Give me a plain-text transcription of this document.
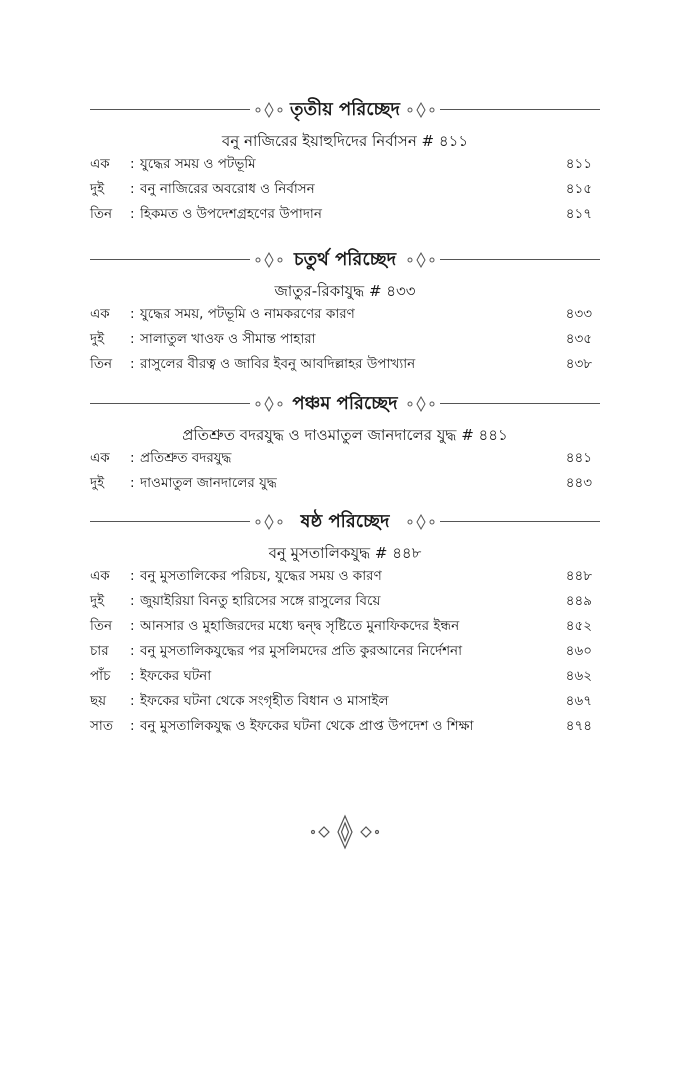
তৃতীয় পরিচ্ছেদ
বনু নাজিরের ইয়াহুদিদের নির্বাসন # ৪১১
এক	: যুদ্ধের সময় ও পটভূমি	৪১১
দুই	: বনু নাজিরের অবরোধ ও নির্বাসন	৪১৫
তিন	: হিকমত ও উপদেশগ্রহণের উপাদান	৪১৭
চতুর্থ পরিচ্ছেদ
জাতুর-রিকাযুদ্ধ # ৪৩৩
এক	: যুদ্ধের সময়, পটভূমি ও নামকরণের কারণ	৪৩৩
দুই	: সালাতুল খাওফ ও সীমান্ত পাহারা	৪৩৫
তিন	: রাসুলের বীরত্ব ও জাবির ইবনু আবদিল্লাহর উপাখ্যান	৪৩৮
পঞ্চম পরিচ্ছেদ
প্রতিশ্রুত বদরযুদ্ধ ও দাওমাতুল জানদালের যুদ্ধ # ৪৪১
এক	: প্রতিশ্রুত বদরযুদ্ধ	৪৪১
দুই	: দাওমাতুল জানদালের যুদ্ধ	৪৪৩
ষষ্ঠ পরিচ্ছেদ
বনু মুসতালিকযুদ্ধ # ৪৪৮
এক	: বনু মুসতালিকের পরিচয়, যুদ্ধের সময় ও কারণ	৪৪৮
দুই	: জুয়াইরিয়া বিনতু হারিসের সঙ্গে রাসুলের বিয়ে	৪৪৯
তিন	: আনসার ও মুহাজিরদের মধ্যে দ্বন্দ্ব সৃষ্টিতে মুনাফিকদের ইন্ধন	৪৫২
চার	: বনু মুসতালিকযুদ্ধের পর মুসলিমদের প্রতি কুরআনের নির্দেশনা	৪৬০
পাঁচ	: ইফকের ঘটনা	৪৬২
ছয়	: ইফকের ঘটনা থেকে সংগৃহীত বিধান ও মাসাইল	৪৬৭
সাত	: বনু মুসতালিকযুদ্ধ ও ইফকের ঘটনা থেকে প্রাপ্ত উপদেশ ও শিক্ষা	৪৭৪
